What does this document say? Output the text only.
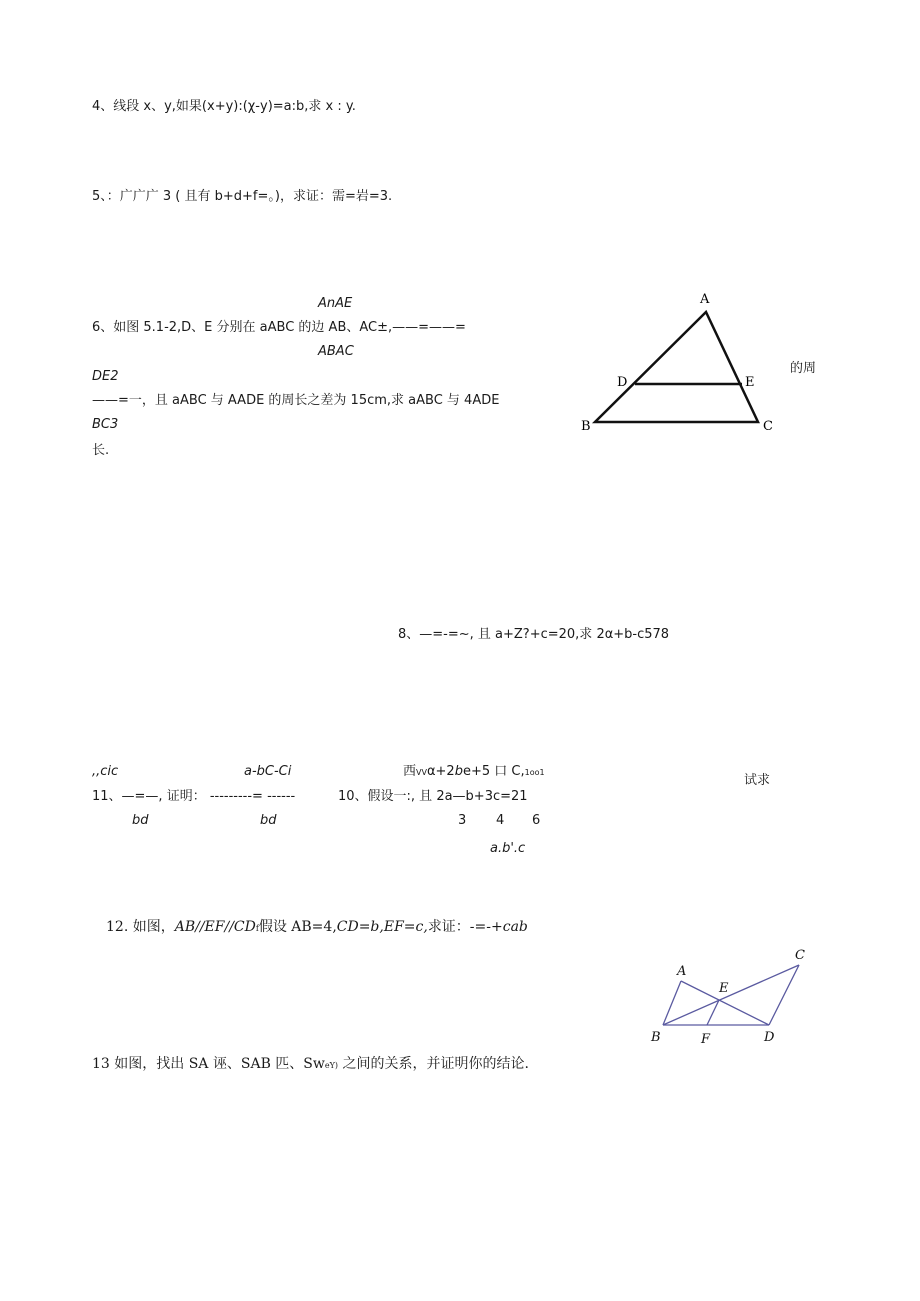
4、线段 x、y,如果(x+y):(χ-y)=a:b,求 x : y.
5、：广广广 3 ( 且有 b+d+f=。)，求证：需=岩=3.
AnAE
6、如图 5.1-2,D、E 分别在 aABC 的边 AB、AC±,——=——=
ABAC
DE2
——=一，且 aABC 与 AADE 的周长之差为 15cm,求 aABC 与 4ADE
BC3
长.
的周
A
D	E
B	C
8、—=-=~, 且 a+Z?+c=20,求 2α+b-c578
,,cic	a-bC-Ci	西VVα+2be+5 口 C,1oo1
试求
11、—=—, 证明： ---------= ------	10、假设一:, 且 2a—b+3c=21
bd	bd	3 4 6
a.b'.c
12. 如图，AB∕∕EF∕∕CDf假设 AB=4,CD=b,EF=c,求证：-=-+cab
A
E
C
B	F	D
13 如图，找出 SA 诬、SAB 匹、SweY) 之间的关系，并证明你的结论.
